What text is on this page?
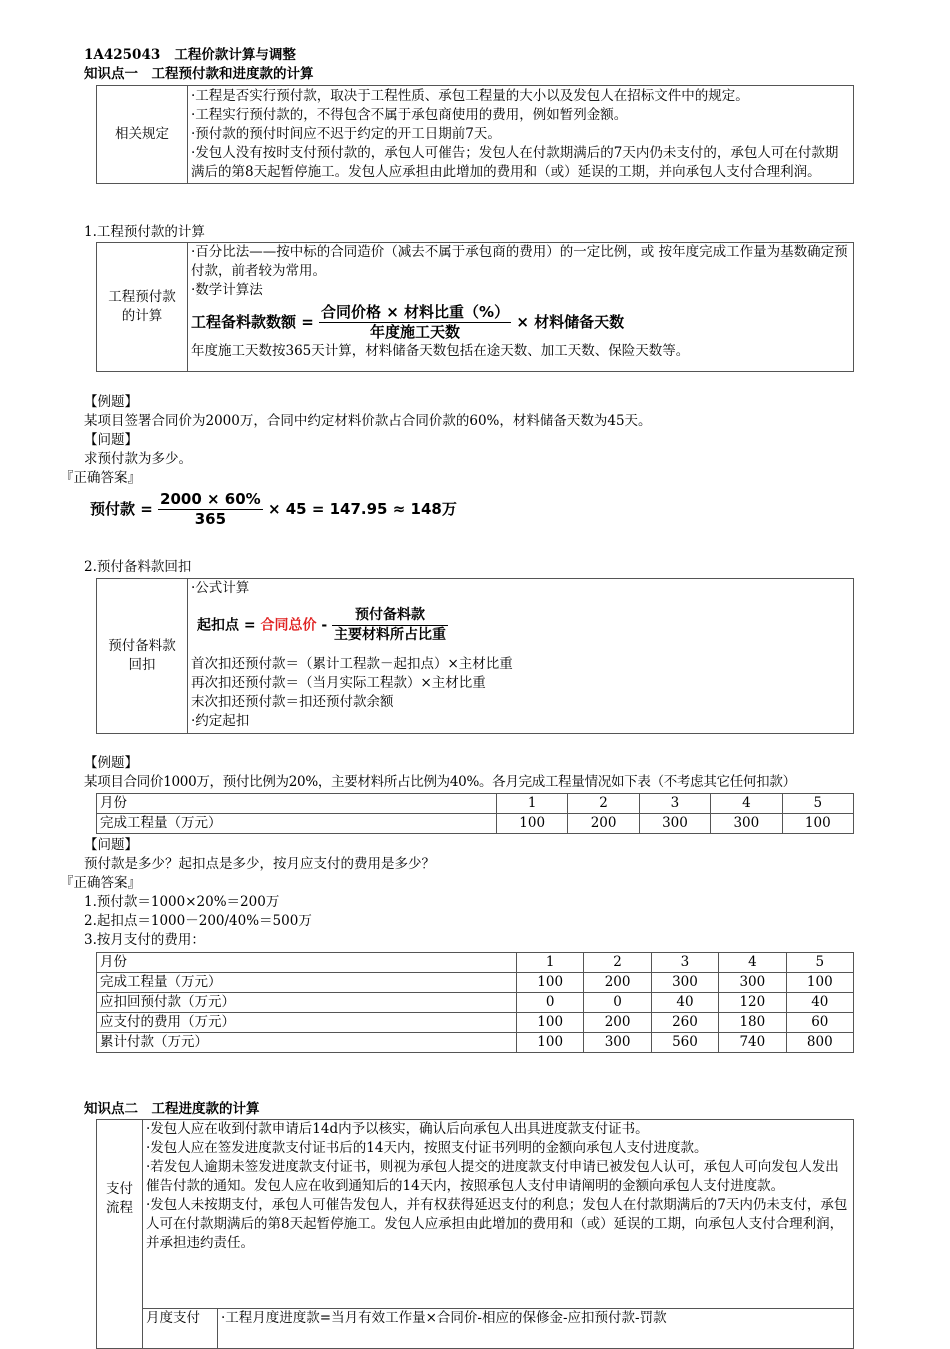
1A425043 工程价款计算与调整
知识点一　工程预付款和进度款的计算
相关规定	
·工程是否实行预付款，取决于工程性质、承包工程量的大小以及发包人在招标文件中的规定。
·工程实行预付款的，不得包含不属于承包商使用的费用，例如暂列金额。
·预付款的预付时间应不迟于约定的开工日期前7天。
·发包人没有按时支付预付款的，承包人可催告；发包人在付款期满后的7天内仍未支付的，承包人可在付款期满后的第8天起暂停施工。发包人应承担由此增加的费用和（或）延误的工期，并向承包人支付合理利润。
1.工程预付款的计算
工程预付款的计算

·百分比法——按中标的合同造价（减去不属于承包商的费用）的一定比例，或 按年度完成工作量为基数确定预付款，前者较为常用。
·数学计算法
工程备料款数额 = $\frac{\text{合同价格 × 材料比重（\%）}}{\text{年度施工天数}}$ × 材料储备天数
年度施工天数按365天计算，材料储备天数包括在途天数、加工天数、保险天数等。
【例题】
某项目签署合同价为2000万，合同中约定材料价款占合同价款的60%，材料储备天数为45天。
【问题】
求预付款为多少。
『正确答案』
预付款 = $\frac{2000 \times 60\%}{365} \times 45 = 147.95 \approx 148$万
2.预付备料款回扣
预付备料款回扣

·公式计算
起扣点 = 合同总价 - $\frac{\text{预付备料款}}{\text{主要材料所占比重}}$
首次扣还预付款＝（累计工程款－起扣点）×主材比重
再次扣还预付款＝（当月实际工程款）×主材比重
末次扣还预付款＝扣还预付款余额
·约定起扣
【例题】
某项目合同价1000万，预付比例为20%，主要材料所占比例为40%。各月完成工程量情况如下表（不考虑其它任何扣款）
月份	1	2	3	4	5
完成工程量（万元）	100	200	300	300	100
【问题】
预付款是多少？起扣点是多少，按月应支付的费用是多少？
『正确答案』
1.预付款＝1000×20%＝200万
2.起扣点＝1000－200/40%＝500万
3.按月支付的费用：
月份	1	2	3	4	5
完成工程量（万元）	100	200	300	300	100
应扣回预付款（万元）	0	0	40	120	40
应支付的费用（万元）	100	200	260	180	60
累计付款（万元）	100	300	560	740	800
知识点二　工程进度款的计算
支付流程	·发包人应在收到付款申请后14d内予以核实，确认后向承包人出具进度款支付证书。
·发包人应在签发进度款支付证书后的14天内，按照支付证书列明的金额向承包人支付进度款。
·若发包人逾期未签发进度款支付证书，则视为承包人提交的进度款支付申请已被发包人认可，承包人可向发包人发出催告付款的通知。发包人应在收到通知后的14天内，按照承包人支付申请阐明的金额向承包人支付进度款。
·发包人未按期支付，承包人可催告发包人，并有权获得延迟支付的利息；发包人在付款期满后的7天内仍未支付，承包人可在付款期满后的第8天起暂停施工。发包人应承担由此增加的费用和（或）延误的工期，向承包人支付合理利润，并承担违约责任。	

	月度支付	·工程月度进度款=当月有效工作量×合同价-相应的保修金-应扣预付款-罚款
